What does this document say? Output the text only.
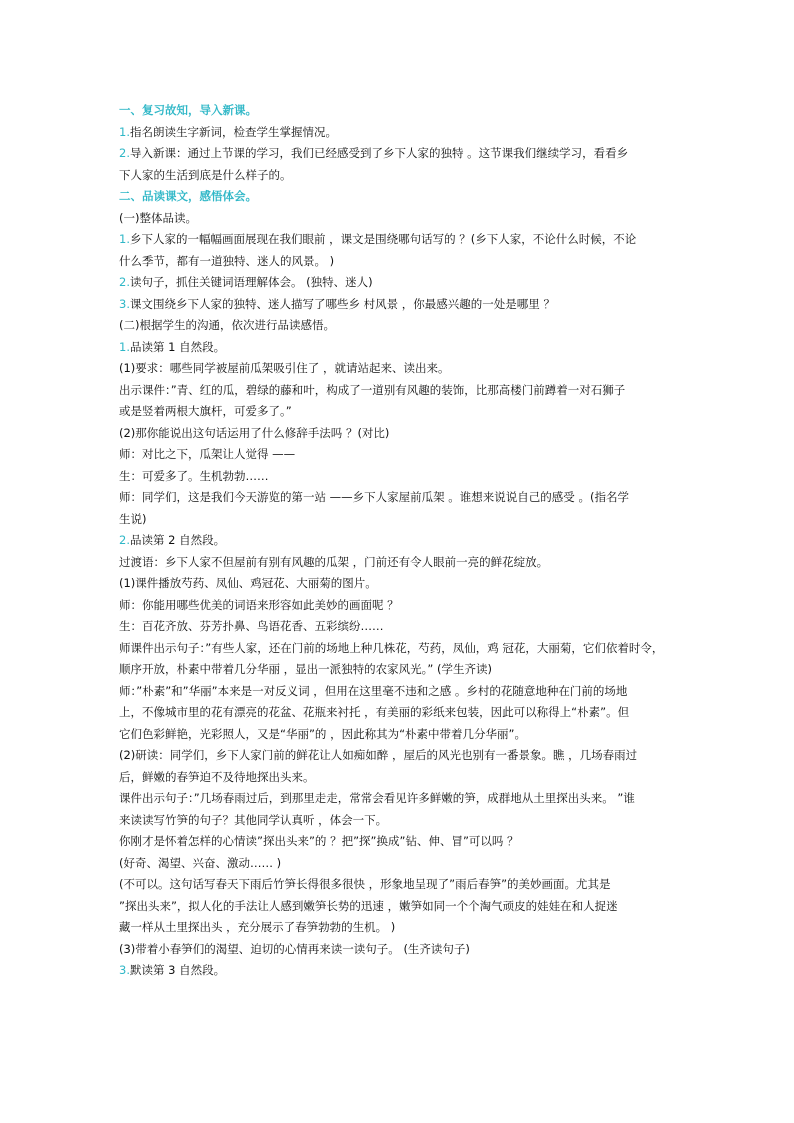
一、复习故知，导入新课。
1.指名朗读生字新词，检查学生掌握情况。
2.导入新课：通过上节课的学习，我们已经感受到了乡下人家的独特 。这节课我们继续学习，看看乡
下人家的生活到底是什么样子的。
二、品读课文，感悟体会。
(一)整体品读。
1.乡下人家的一幅幅画面展现在我们眼前 ，课文是围绕哪句话写的 ？(乡下人家，不论什么时候，不论
什么季节，都有一道独特、迷人的风景。 )
2.读句子，抓住关键词语理解体会。 (独特、迷人)
3.课文围绕乡下人家的独特、迷人描写了哪些乡 村风景 ，你最感兴趣的一处是哪里 ？
(二)根据学生的沟通，依次进行品读感悟。
1.品读第 1 自然段。
(1)要求：哪些同学被屋前瓜架吸引住了 ，就请站起来、读出来。
出示课件：”青、红的瓜，碧绿的藤和叶，构成了一道别有风趣的装饰，比那高楼门前蹲着一对石狮子
或是竖着两根大旗杆，可爱多了。”
(2)那你能说出这句话运用了什么修辞手法吗 ？(对比)
师：对比之下，瓜架让人觉得 ——
生：可爱多了。生机勃勃……
师：同学们，这是我们今天游览的第一站 ——乡下人家屋前瓜架 。谁想来说说自己的感受 。(指名学
生说)
2.品读第 2 自然段。
过渡语：乡下人家不但屋前有别有风趣的瓜架 ，门前还有令人眼前一亮的鲜花绽放。
(1)课件播放芍药、凤仙、鸡冠花、大丽菊的图片。
师：你能用哪些优美的词语来形容如此美妙的画面呢 ？
生：百花齐放、芬芳扑鼻、鸟语花香、五彩缤纷……
师课件出示句子：”有些人家，还在门前的场地上种几株花，芍药，凤仙，鸡 冠花，大丽菊，它们依着时令，
顺序开放，朴素中带着几分华丽 ，显出一派独特的农家风光。” (学生齐读)
师：”朴素”和”华丽”本来是一对反义词 ，但用在这里毫不违和之感 。乡村的花随意地种在门前的场地
上，不像城市里的花有漂亮的花盆、花瓶来衬托 ，有美丽的彩纸来包装，因此可以称得上“朴素”。但
它们色彩鲜艳，光彩照人，又是“华丽”的 ，因此称其为“朴素中带着几分华丽”。
(2)研读：同学们，乡下人家门前的鲜花让人如痴如醉 ，屋后的风光也别有一番景象。瞧 ，几场春雨过
后，鲜嫩的春笋迫不及待地探出头来。
课件出示句子：”几场春雨过后，到那里走走，常常会看见许多鲜嫩的笋，成群地从土里探出头来。 ”谁
来读读写竹笋的句子？其他同学认真听 ，体会一下。
你刚才是怀着怎样的心情读”探出头来”的 ？把”探”换成”钻、伸、冒”可以吗 ？
(好奇、渴望、兴奋、激动…… )
(不可以。这句话写春天下雨后竹笋长得很多很快 ，形象地呈现了”雨后春笋”的美妙画面。尤其是
”探出头来”，拟人化的手法让人感到嫩笋长势的迅速 ，嫩笋如同一个个淘气顽皮的娃娃在和人捉迷
藏一样从土里探出头 ，充分展示了春笋勃勃的生机。 )
(3)带着小春笋们的渴望、迫切的心情再来读一读句子。 (生齐读句子)
3.默读第 3 自然段。
